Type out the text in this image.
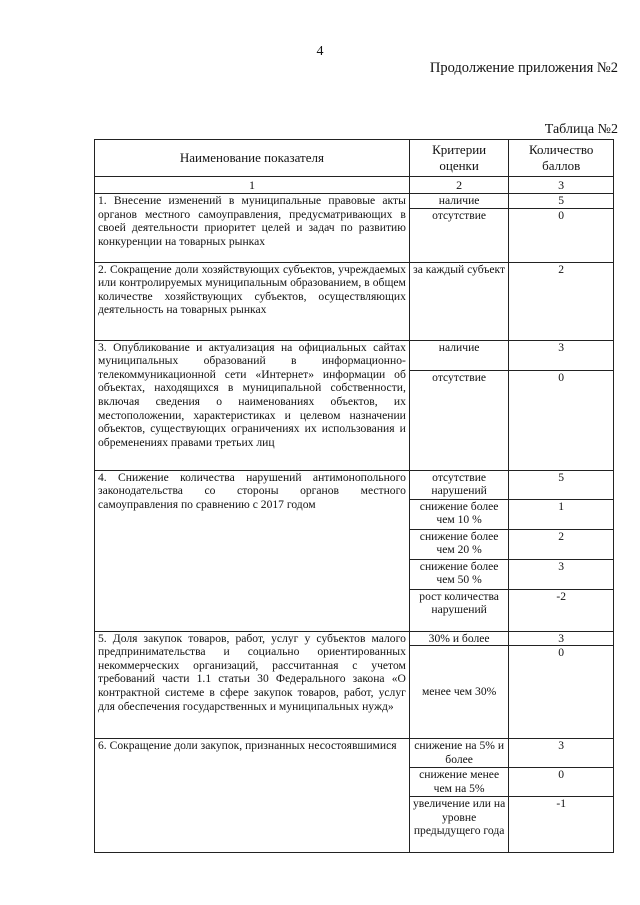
4
Продолжение приложения №2
Таблица №2
Наименование показателя	Критерии оценки	Количество баллов
1	2	3
1. Внесение изменений в муниципальные правовые акты органов местного самоуправления, предусматривающих в своей деятельности приоритет целей и задач по развитию конкуренции на товарных рынках	наличие	5
	отсутствие	0
2. Сокращение доли хозяйствующих субъектов, учреждаемых или контролируемых муниципальным образованием, в общем количестве хозяйствующих субъектов, осуществляющих деятельность на товарных рынках	за каждый субъект	2
3. Опубликование и актуализация на официальных сайтах муниципальных образований в информационно-телекоммуникационной сети «Интернет» информации об объектах, находящихся в муниципальной собственности, включая сведения о наименованиях объектов, их местоположении, характеристиках и целевом назначении объектов, существующих ограничениях их использования и обременениях правами третьих лиц	наличие	3
	отсутствие	0
4. Снижение количества нарушений антимонопольного законодательства со стороны органов местного самоуправления по сравнению с 2017 годом	отсутствие нарушений	5
	снижение более чем 10 %	1
	снижение более чем 20 %	2
	снижение более чем 50 %	3
	рост количества нарушений	-2
5. Доля закупок товаров, работ, услуг у субъектов малого предпринимательства и социально ориентированных некоммерческих организаций, рассчитанная с учетом требований части 1.1 статьи 30 Федерального закона «О контрактной системе в сфере закупок товаров, работ, услуг для обеспечения государственных и муниципальных нужд»	30% и более	3
	менее чем 30%	0
6. Сокращение доли закупок, признанных несостоявшимися	снижение на 5% и более	3
	снижение менее чем на 5%	0
	увеличение или на уровне предыдущего года	-1
